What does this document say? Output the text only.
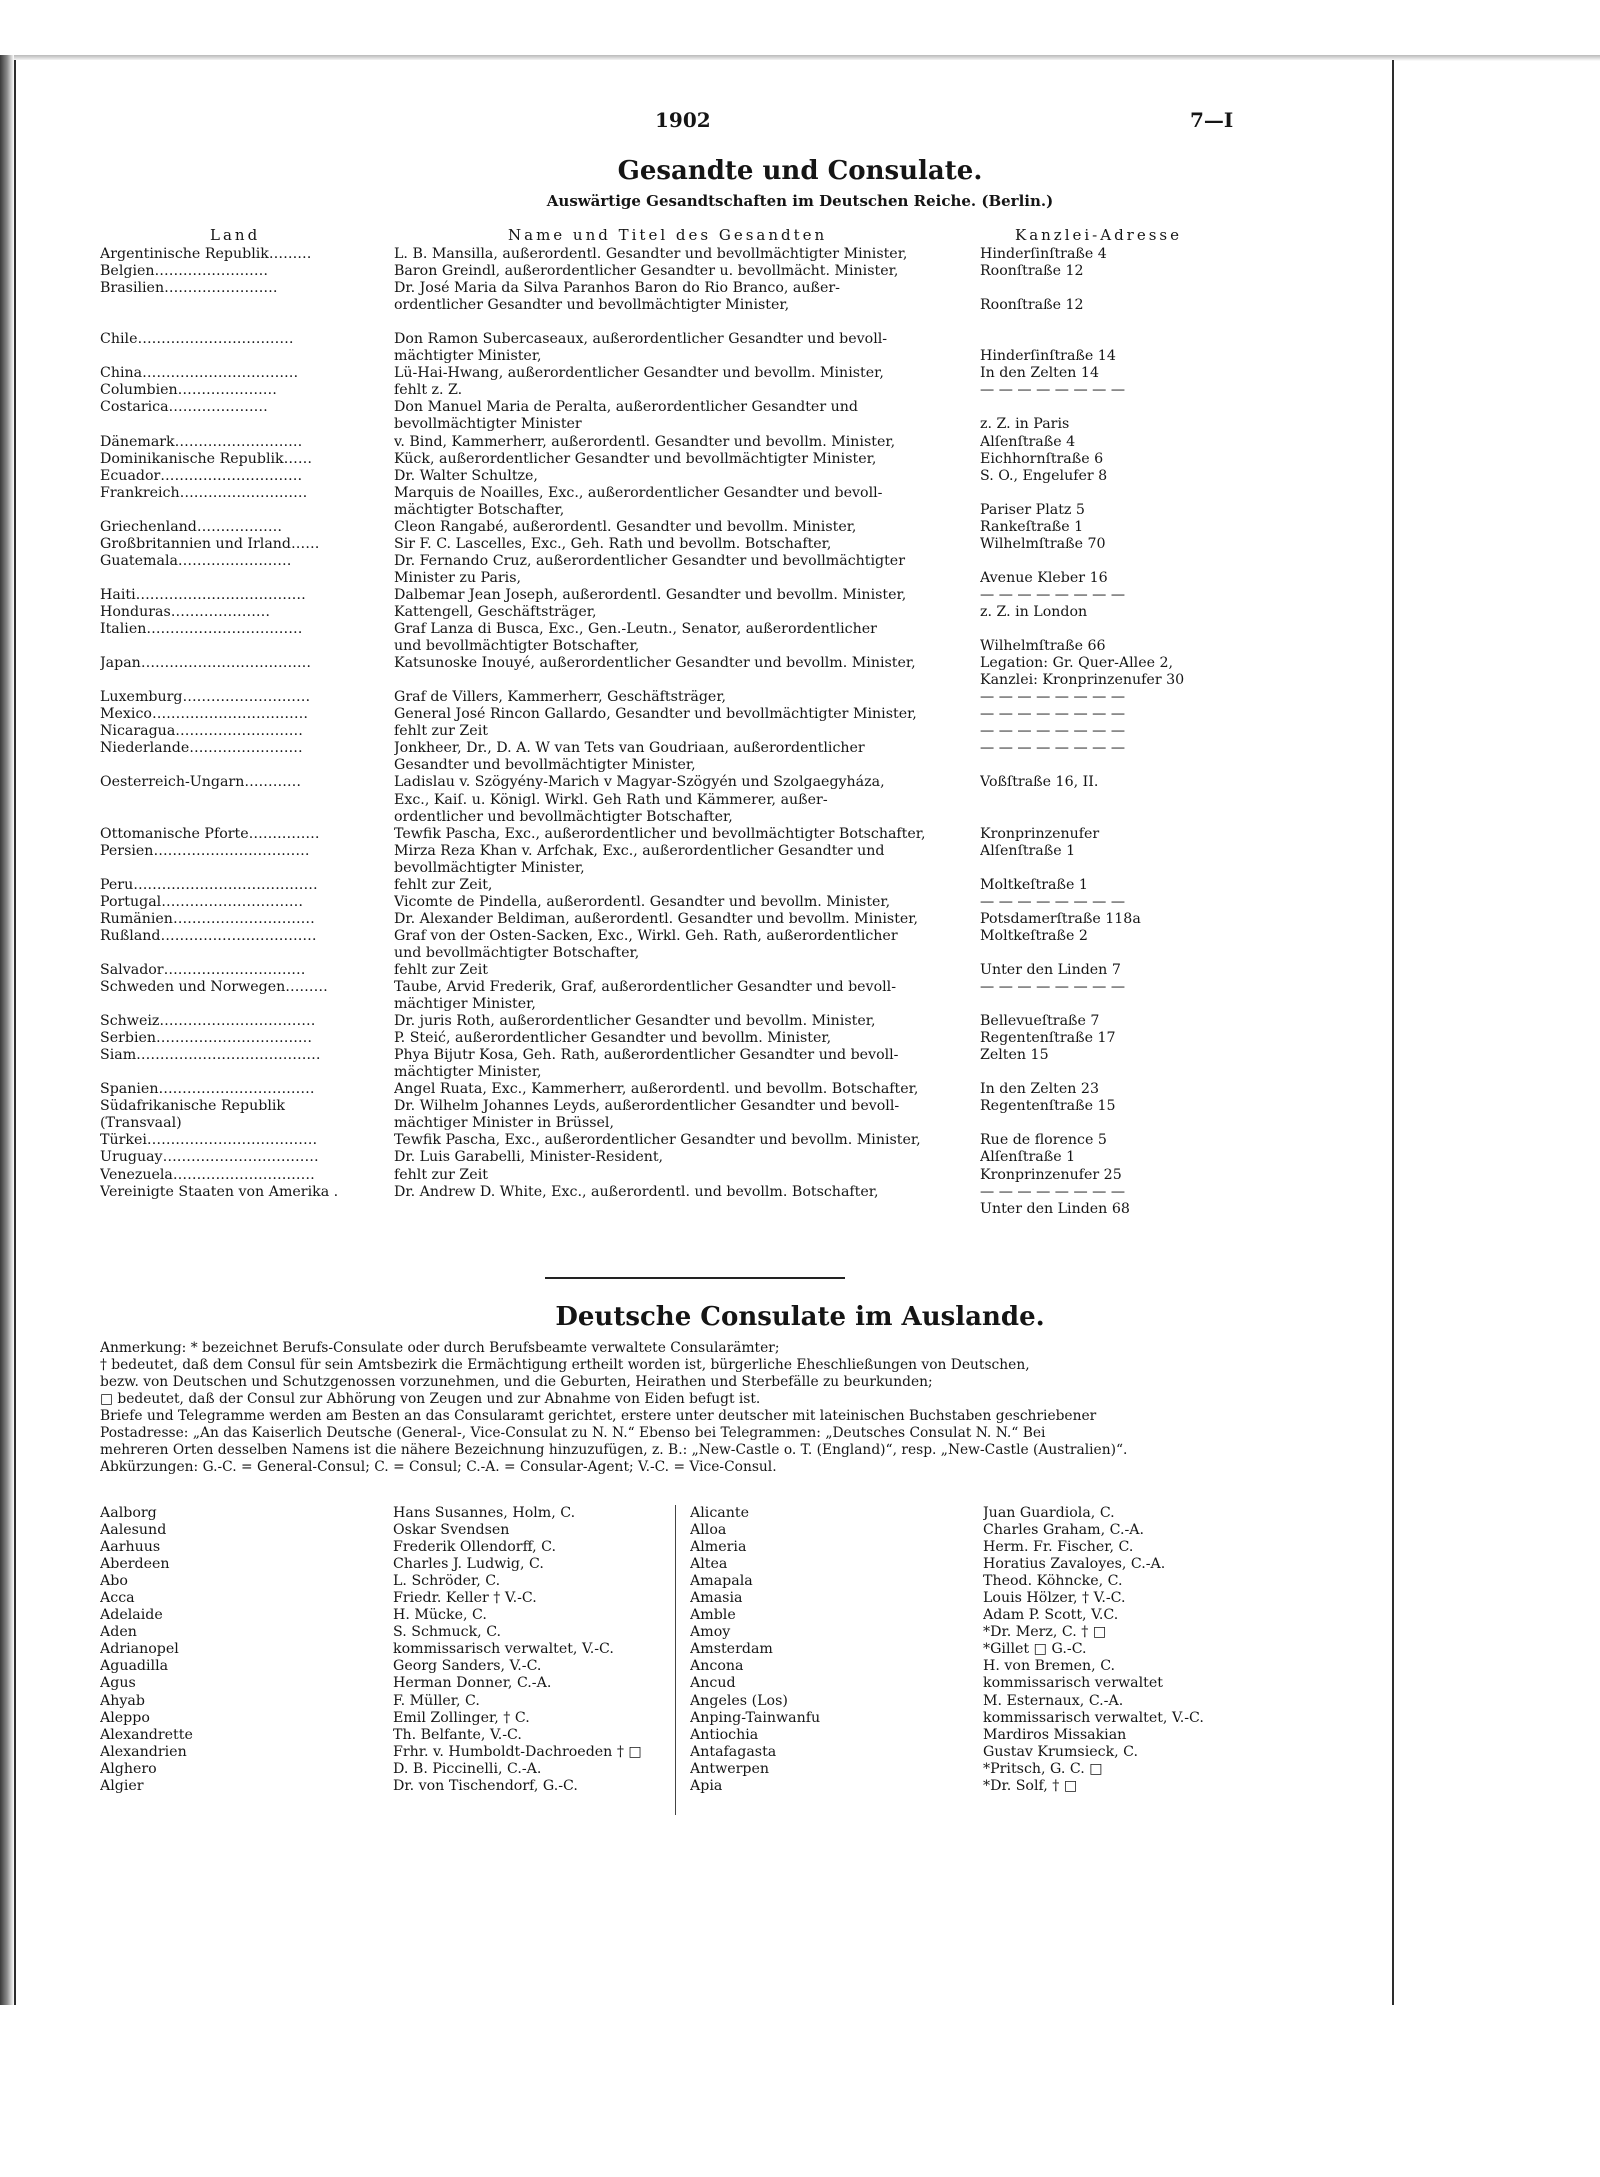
1902	7—I
Gesandte und Consulate.
Auswärtige Gesandtschaften im Deutschen Reiche. (Berlin.)
Land	Name und Titel des Gesandten	Kanzlei-Adresse
Argentinische Republik………	L. B. Mansilla, außerordentl. Gesandter und bevollmächtigter Minister,	Hinderſinſtraße 4
Belgien……………………	Baron Greindl, außerordentlicher Gesandter u. bevollmächt. Minister,	Roonſtraße 12
Brasilien……………………	Dr. José Maria da Silva Paranhos Baron do Rio Branco, außer-
ordentlicher Gesandter und bevollmächtigter Minister,	Roonſtraße 12
Chile……………………………	Don Ramon Subercaseaux, außerordentlicher Gesandter und bevoll-
mächtigter Minister,	Hinderſinſtraße 14
China……………………………	Lü-Hai-Hwang, außerordentlicher Gesandter und bevollm. Minister,	In den Zelten 14
Columbien…………………	fehlt z. Z.	— — — — — — — —
Costarica…………………	Don Manuel Maria de Peralta, außerordentlicher Gesandter und
bevollmächtigter Minister	z. Z. in Paris
Dänemark………………………	v. Bind, Kammerherr, außerordentl. Gesandter und bevollm. Minister,	Alſenſtraße 4
Dominikanische Republik……	Kück, außerordentlicher Gesandter und bevollmächtigter Minister,	Eichhornſtraße 6
Ecuador…………………………	Dr. Walter Schultze,	S. O., Engelufer 8
Frankreich………………………	Marquis de Noailles, Exc., außerordentlicher Gesandter und bevoll-
mächtigter Botschafter,	Pariser Platz 5
Griechenland………………	Cleon Rangabé, außerordentl. Gesandter und bevollm. Minister,	Rankeſtraße 1
Großbritannien und Irland……	Sir F. C. Lascelles, Exc., Geh. Rath und bevollm. Botschafter,	Wilhelmſtraße 70
Guatemala……………………	Dr. Fernando Cruz, außerordentlicher Gesandter und bevollmächtigter
Minister zu Paris,	Avenue Kleber 16
Haiti………………………………	Dalbemar Jean Joseph, außerordentl. Gesandter und bevollm. Minister,	— — — — — — — —
Honduras…………………	Kattengell, Geschäftsträger,	z. Z. in London
Italien……………………………	Graf Lanza di Busca, Exc., Gen.-Leutn., Senator, außerordentlicher
und bevollmächtigter Botschafter,	Wilhelmſtraße 66
Japan………………………………	Katsunoske Inouyé, außerordentlicher Gesandter und bevollm. Minister,	Legation: Gr. Quer-Allee 2,
Kanzlei: Kronprinzenufer 30
Luxemburg………………………	Graf de Villers, Kammerherr, Geschäftsträger,	— — — — — — — —
Mexico……………………………	General José Rincon Gallardo, Gesandter und bevollmächtigter Minister,	— — — — — — — —
Nicaragua………………………	fehlt zur Zeit	— — — — — — — —
Niederlande……………………	Jonkheer, Dr., D. A. W van Tets van Goudriaan, außerordentlicher	— — — — — — — —
Gesandter und bevollmächtigter Minister,
Oesterreich-Ungarn…………	Ladislau v. Szögyény-Marich v Magyar-Szögyén und Szolgaegyháza,	Voßſtraße 16, II.
Exc., Kaiſ. u. Königl. Wirkl. Geh Rath und Kämmerer, außer-
ordentlicher und bevollmächtigter Botschafter,
Ottomanische Pforte……………	Tewfik Pascha, Exc., außerordentlicher und bevollmächtigter Botschafter,	Kronprinzenufer
Persien……………………………	Mirza Reza Khan v. Arfchak, Exc., außerordentlicher Gesandter und	Alſenſtraße 1
bevollmächtigter Minister,
Peru…………………………………	fehlt zur Zeit,	Moltkeſtraße 1
Portugal…………………………	Vicomte de Pindella, außerordentl. Gesandter und bevollm. Minister,	— — — — — — — —
Rumänien…………………………	Dr. Alexander Beldiman, außerordentl. Gesandter und bevollm. Minister,	Potsdamerſtraße 118a
Rußland……………………………	Graf von der Osten-Sacken, Exc., Wirkl. Geh. Rath, außerordentlicher	Moltkeſtraße 2
und bevollmächtigter Botschafter,
Salvador…………………………	fehlt zur Zeit	Unter den Linden 7
Schweden und Norwegen………	Taube, Arvid Frederik, Graf, außerordentlicher Gesandter und bevoll-	— — — — — — — —
mächtiger Minister,
Schweiz……………………………	Dr. juris Roth, außerordentlicher Gesandter und bevollm. Minister,	Bellevueſtraße 7
Serbien……………………………	P. Steić, außerordentlicher Gesandter und bevollm. Minister,	Regentenſtraße 17
Siam…………………………………	Phya Bijutr Kosa, Geh. Rath, außerordentlicher Gesandter und bevoll-	Zelten 15
mächtigter Minister,
Spanien……………………………	Angel Ruata, Exc., Kammerherr, außerordentl. und bevollm. Botschafter,	In den Zelten 23
Südafrikanische Republik	Dr. Wilhelm Johannes Leyds, außerordentlicher Gesandter und bevoll-	Regentenſtraße 15
(Transvaal)	mächtiger Minister in Brüssel,
Türkei………………………………	Tewfik Pascha, Exc., außerordentlicher Gesandter und bevollm. Minister,	Rue de florence 5
Uruguay……………………………	Dr. Luis Garabelli, Minister-Resident,	Alſenſtraße 1
Venezuela…………………………	fehlt zur Zeit	Kronprinzenufer 25
Vereinigte Staaten von Amerika .	Dr. Andrew D. White, Exc., außerordentl. und bevollm. Botschafter,	— — — — — — — —
Unter den Linden 68
Deutsche Consulate im Auslande.
Anmerkung: * bezeichnet Berufs-Consulate oder durch Berufsbeamte verwaltete Consularämter;
† bedeutet, daß dem Consul für sein Amtsbezirk die Ermächtigung ertheilt worden ist, bürgerliche Eheschließungen von Deutschen,
bezw. von Deutschen und Schutzgenossen vorzunehmen, und die Geburten, Heirathen und Sterbefälle zu beurkunden;
□ bedeutet, daß der Consul zur Abhörung von Zeugen und zur Abnahme von Eiden befugt ist.
Briefe und Telegramme werden am Besten an das Consularamt gerichtet, erstere unter deutscher mit lateinischen Buchstaben geschriebener
Postadresse: „An das Kaiserlich Deutsche (General-, Vice-Consulat zu N. N.“ Ebenso bei Telegrammen: „Deutsches Consulat N. N.“ Bei
mehreren Orten desselben Namens ist die nähere Bezeichnung hinzuzufügen, z. B.: „New-Castle o. T. (England)“, resp. „New-Castle (Australien)“.
Abkürzungen: G.-C. = General-Consul; C. = Consul; C.-A. = Consular-Agent; V.-C. = Vice-Consul.
Aalborg	Hans Susannes, Holm, C.
Aalesund	Oskar Svendsen
Aarhuus	Frederik Ollendorff, C.
Aberdeen	Charles J. Ludwig, C.
Abo	L. Schröder, C.
Acca	Friedr. Keller † V.-C.
Adelaide	H. Mücke, C.
Aden	S. Schmuck, C.
Adrianopel	kommissarisch verwaltet, V.-C.
Aguadilla	Georg Sanders, V.-C.
Agus	Herman Donner, C.-A.
Ahyab	F. Müller, C.
Aleppo	Emil Zollinger, † C.
Alexandrette	Th. Belfante, V.-C.
Alexandrien	Frhr. v. Humboldt-Dachroeden † □
Alghero	D. B. Piccinelli, C.-A.
Algier	Dr. von Tischendorf, G.-C.
Alicante	Juan Guardiola, C.
Alloa	Charles Graham, C.-A.
Almeria	Herm. Fr. Fischer, C.
Altea	Horatius Zavaloyes, C.-A.
Amapala	Theod. Köhncke, C.
Amasia	Louis Hölzer, † V.-C.
Amble	Adam P. Scott, V.C.
Amoy	*Dr. Merz, C. † □
Amsterdam	*Gillet □ G.-C.
Ancona	H. von Bremen, C.
Ancud	kommissarisch verwaltet
Angeles (Los)	M. Esternaux, C.-A.
Anping-Tainwanfu	kommissarisch verwaltet, V.-C.
Antiochia	Mardiros Missakian
Antafagasta	Gustav Krumsieck, C.
Antwerpen	*Pritsch, G. C. □
Apia	*Dr. Solf, † □
